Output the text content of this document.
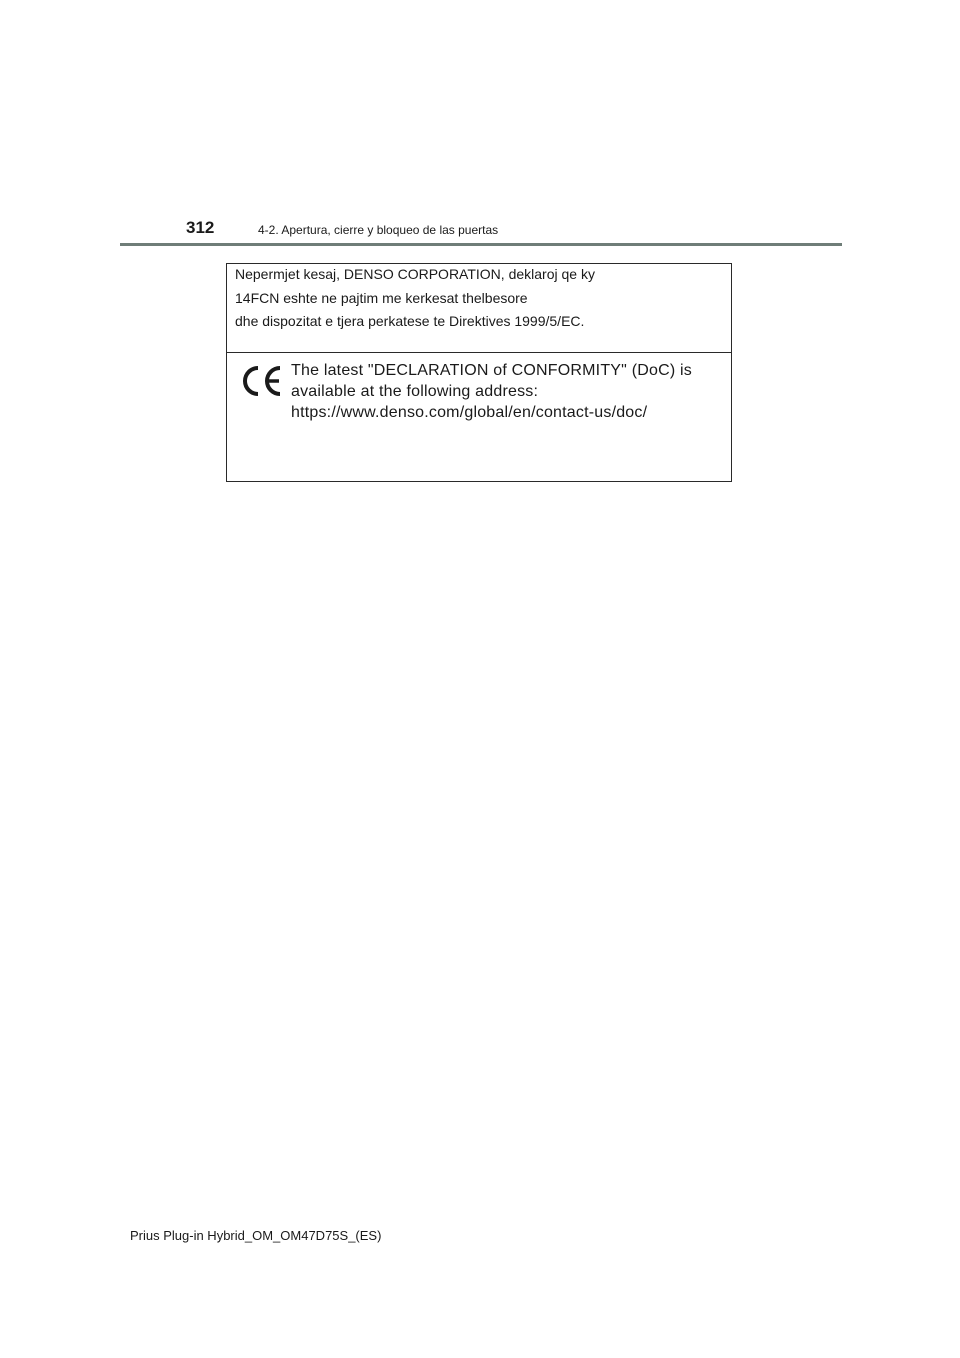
312	4-2. Apertura, cierre y bloqueo de las puertas
Nepermjet kesaj, DENSO CORPORATION, deklaroj qe ky
14FCN eshte ne pajtim me kerkesat thelbesore
dhe dispozitat e tjera perkatese te Direktives 1999/5/EC.
The latest "DECLARATION of CONFORMITY" (DoC) is
available at the following address:
https://www.denso.com/global/en/contact-us/doc/
Prius Plug-in Hybrid_OM_OM47D75S_(ES)
